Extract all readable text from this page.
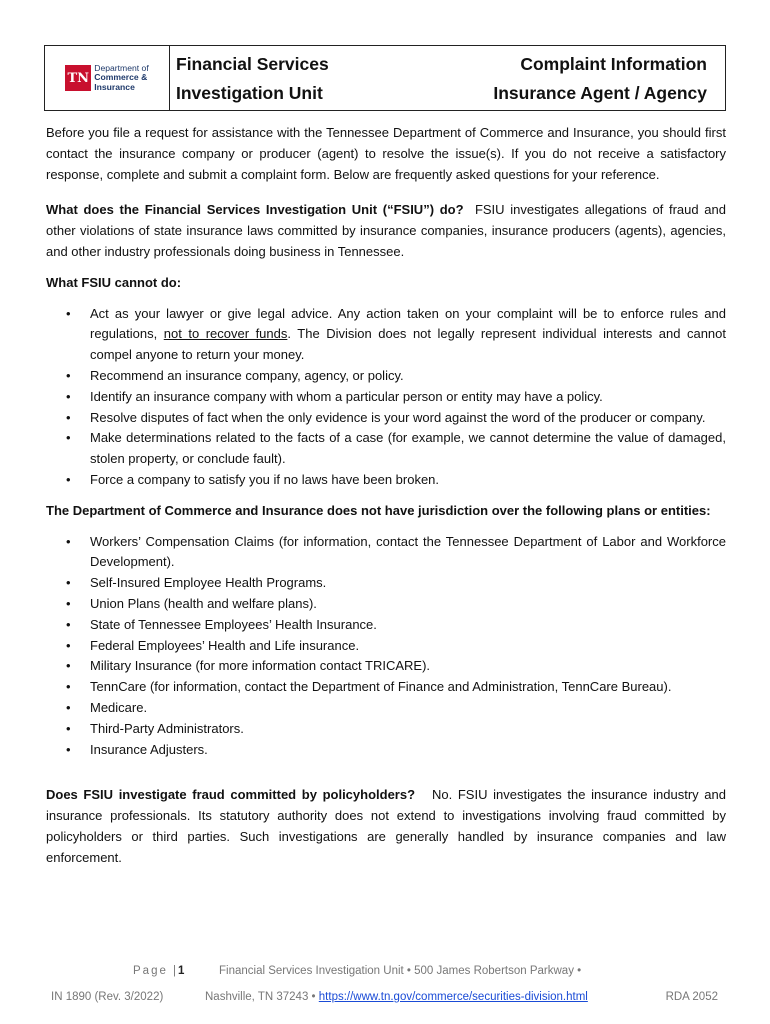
TN
Department of
Commerce &
Insurance
Financial Services
Investigation Unit
Complaint Information
Insurance Agent / Agency

Before you file a request for assistance with the Tennessee Department of Commerce and Insurance, you should first contact the insurance company or producer (agent) to resolve the issue(s). If you do not receive a satisfactory response, complete and submit a complaint form. Below are frequently asked questions for your reference.

What does the Financial Services Investigation Unit (“FSIU”) do? FSIU investigates allegations of fraud and other violations of state insurance laws committed by insurance companies, insurance producers (agents), agencies, and other industry professionals doing business in Tennessee.

What FSIU cannot do:

• Act as your lawyer or give legal advice. Any action taken on your complaint will be to enforce rules and regulations, not to recover funds. The Division does not legally represent individual interests and cannot compel anyone to return your money.
• Recommend an insurance company, agency, or policy.
• Identify an insurance company with whom a particular person or entity may have a policy.
• Resolve disputes of fact when the only evidence is your word against the word of the producer or company.
• Make determinations related to the facts of a case (for example, we cannot determine the value of damaged, stolen property, or conclude fault).
• Force a company to satisfy you if no laws have been broken.

The Department of Commerce and Insurance does not have jurisdiction over the following plans or entities:

• Workers’ Compensation Claims (for information, contact the Tennessee Department of Labor and Workforce Development).
• Self-Insured Employee Health Programs.
• Union Plans (health and welfare plans).
• State of Tennessee Employees’ Health Insurance.
• Federal Employees’ Health and Life insurance.
• Military Insurance (for more information contact TRICARE).
• TennCare (for information, contact the Department of Finance and Administration, TennCare Bureau).
• Medicare.
• Third-Party Administrators.
• Insurance Adjusters.

Does FSIU investigate fraud committed by policyholders? No. FSIU investigates the insurance industry and insurance professionals. Its statutory authority does not extend to investigations involving fraud committed by policyholders or third parties. Such investigations are generally handled by insurance companies and law enforcement.

Page |1	Financial Services Investigation Unit • 500 James Robertson Parkway •
IN 1890 (Rev. 3/2022)	Nashville, TN 37243 • https://www.tn.gov/commerce/securities-division.html	RDA 2052
